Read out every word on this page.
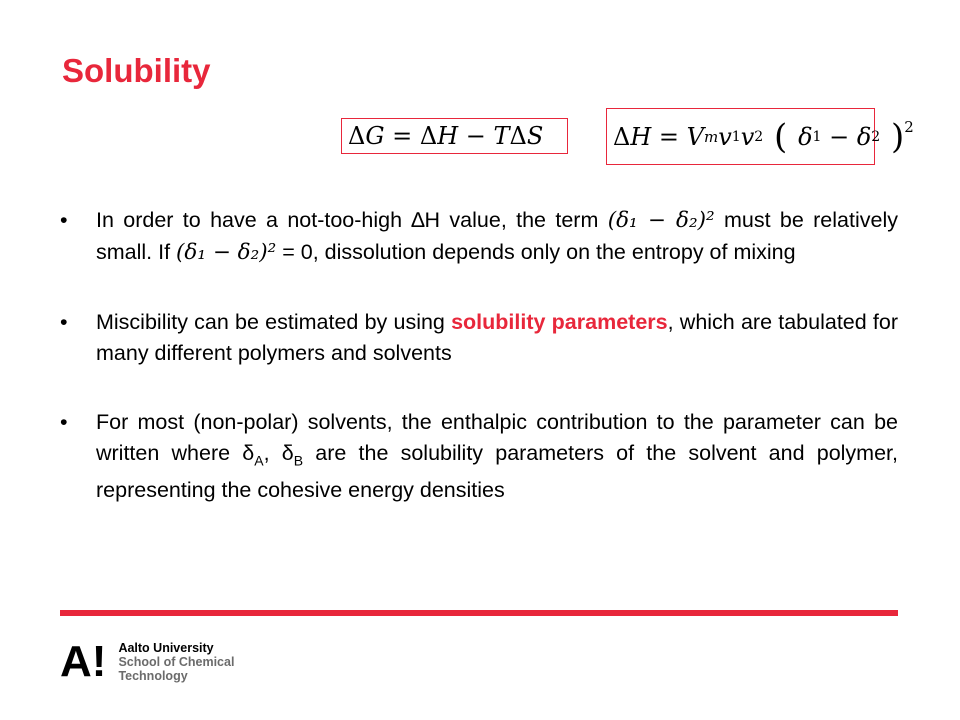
Solubility
Δ G = Δ H − T Δ S	Δ H = V m v 1 v 2 ( δ 1 − δ 2 )$^2$
• In order to have a not-too-high ∆H value, the term (δ₁ − δ₂)² must be relatively small. If (δ₁ − δ₂)² = 0, dissolution depends only on the entropy of mixing
• Miscibility can be estimated by using solubility parameters, which are tabulated for many different polymers and solvents
• For most (non-polar) solvents, the enthalpic contribution to the parameter can be written where $\delta_A$, $\delta_B$ are the solubility parameters of the solvent and polymer, representing the cohesive energy densities
A! Aalto University
School of Chemical
Technology
